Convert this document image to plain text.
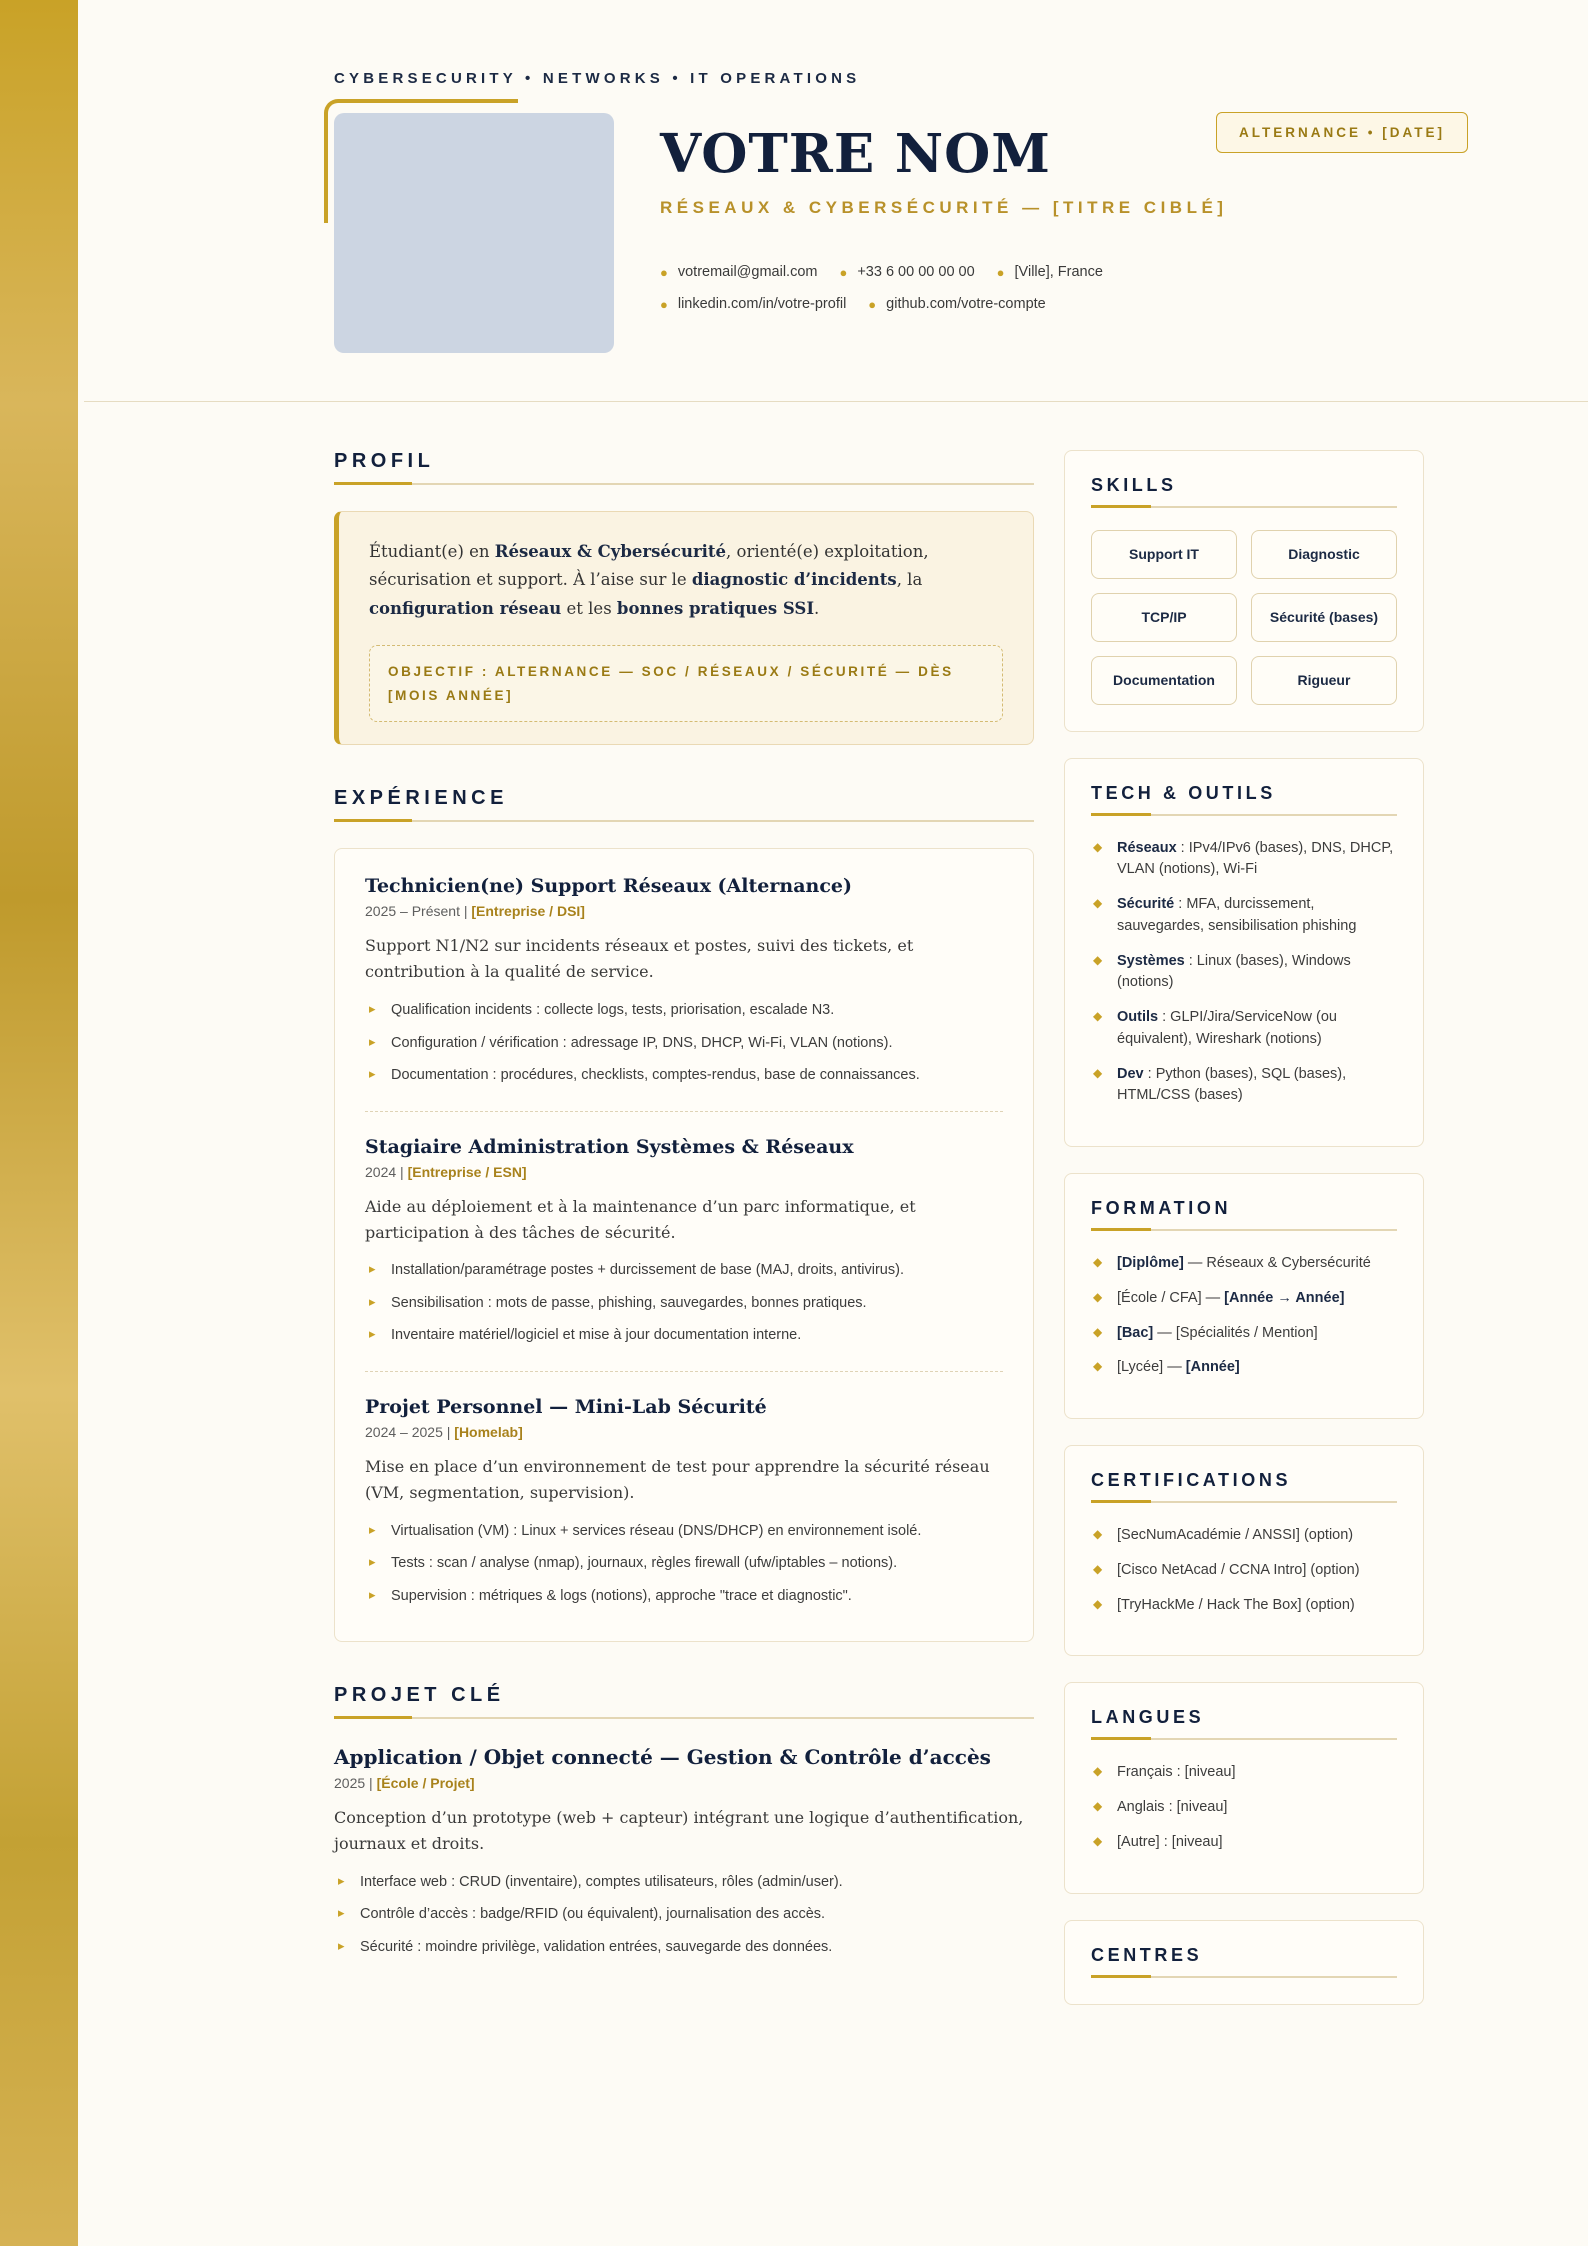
CYBERSECURITY • NETWORKS • IT OPERATIONS
ALTERNANCE • [DATE]
VOTRE NOM
RÉSEAUX & CYBERSÉCURITÉ — [TITRE CIBLÉ]
● votremail@gmail.com ● +33 6 00 00 00 00 ● [Ville], France
● linkedin.com/in/votre-profil ● github.com/votre-compte
PROFIL
Étudiant(e) en Réseaux & Cybersécurité, orienté(e) exploitation, sécurisation et support. À l’aise sur le diagnostic d’incidents, la configuration réseau et les bonnes pratiques SSI.
OBJECTIF : ALTERNANCE — SOC / RÉSEAUX / SÉCURITÉ — DÈS [MOIS ANNÉE]
EXPÉRIENCE
Technicien(ne) Support Réseaux (Alternance)
2025 – Présent | [Entreprise / DSI]
Support N1/N2 sur incidents réseaux et postes, suivi des tickets, et contribution à la qualité de service.
▸ Qualification incidents : collecte logs, tests, priorisation, escalade N3.
▸ Configuration / vérification : adressage IP, DNS, DHCP, Wi-Fi, VLAN (notions).
▸ Documentation : procédures, checklists, comptes-rendus, base de connaissances.
Stagiaire Administration Systèmes & Réseaux
2024 | [Entreprise / ESN]
Aide au déploiement et à la maintenance d’un parc informatique, et participation à des tâches de sécurité.
▸ Installation/paramétrage postes + durcissement de base (MAJ, droits, antivirus).
▸ Sensibilisation : mots de passe, phishing, sauvegardes, bonnes pratiques.
▸ Inventaire matériel/logiciel et mise à jour documentation interne.
Projet Personnel — Mini-Lab Sécurité
2024 – 2025 | [Homelab]
Mise en place d’un environnement de test pour apprendre la sécurité réseau (VM, segmentation, supervision).
▸ Virtualisation (VM) : Linux + services réseau (DNS/DHCP) en environnement isolé.
▸ Tests : scan / analyse (nmap), journaux, règles firewall (ufw/iptables – notions).
▸ Supervision : métriques & logs (notions), approche "trace et diagnostic".
PROJET CLÉ
Application / Objet connecté — Gestion & Contrôle d’accès
2025 | [École / Projet]
Conception d’un prototype (web + capteur) intégrant une logique d’authentification, journaux et droits.
▸ Interface web : CRUD (inventaire), comptes utilisateurs, rôles (admin/user).
▸ Contrôle d’accès : badge/RFID (ou équivalent), journalisation des accès.
▸ Sécurité : moindre privilège, validation entrées, sauvegarde des données.
SKILLS
Support IT	Diagnostic
TCP/IP	Sécurité (bases)
Documentation	Rigueur
TECH & OUTILS
◆ Réseaux : IPv4/IPv6 (bases), DNS, DHCP, VLAN (notions), Wi-Fi
◆ Sécurité : MFA, durcissement, sauvegardes, sensibilisation phishing
◆ Systèmes : Linux (bases), Windows (notions)
◆ Outils : GLPI/Jira/ServiceNow (ou équivalent), Wireshark (notions)
◆ Dev : Python (bases), SQL (bases), HTML/CSS (bases)
FORMATION
◆ [Diplôme] — Réseaux & Cybersécurité
◆ [École / CFA] — [Année → Année]
◆ [Bac] — [Spécialités / Mention]
◆ [Lycée] — [Année]
CERTIFICATIONS
◆ [SecNumAcadémie / ANSSI] (option)
◆ [Cisco NetAcad / CCNA Intro] (option)
◆ [TryHackMe / Hack The Box] (option)
LANGUES
◆ Français : [niveau]
◆ Anglais : [niveau]
◆ [Autre] : [niveau]
CENTRES
